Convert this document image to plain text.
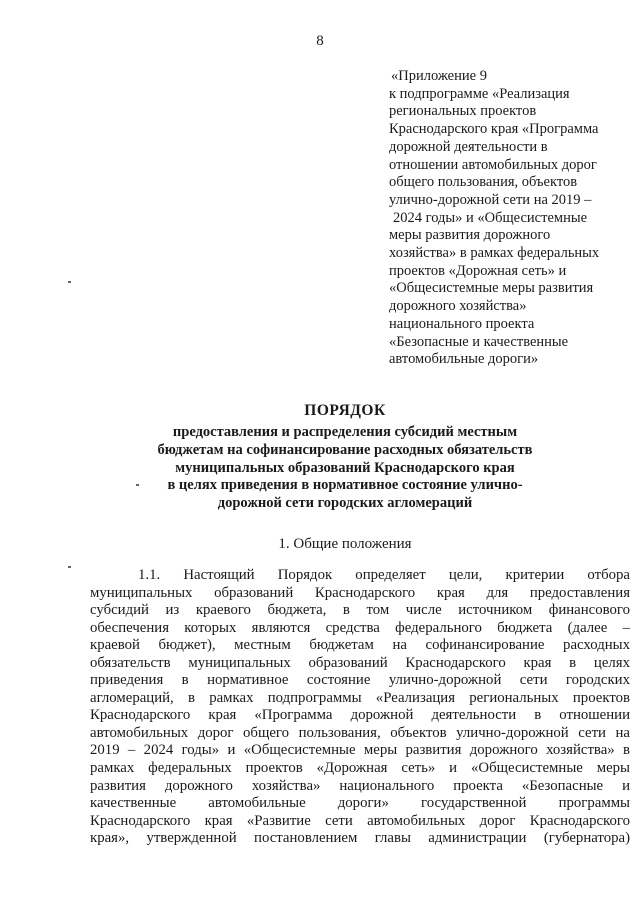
8
«Приложение 9
к подпрограмме «Реализация
региональных проектов
Краснодарского края «Программа
дорожной деятельности в
отношении автомобильных дорог
общего пользования, объектов
улично-дорожной сети на 2019 –
2024 годы» и «Общесистемные
меры развития дорожного
хозяйства» в рамках федеральных
проектов «Дорожная сеть» и
«Общесистемные меры развития
дорожного хозяйства»
национального проекта
«Безопасные и качественные
автомобильные дороги»
ПОРЯДОК
предоставления и распределения субсидий местным
бюджетам на софинансирование расходных обязательств
муниципальных образований Краснодарского края
в целях приведения в нормативное состояние улично-
дорожной сети городских агломераций
1. Общие положения
1.1. Настоящий Порядок определяет цели, критерии отбора
муниципальных образований Краснодарского края для предоставления
субсидий из краевого бюджета, в том числе источником финансового
обеспечения которых являются средства федерального бюджета (далее –
краевой бюджет), местным бюджетам на софинансирование расходных
обязательств муниципальных образований Краснодарского края в целях
приведения в нормативное состояние улично-дорожной сети городских
агломераций, в рамках подпрограммы «Реализация региональных проектов
Краснодарского края «Программа дорожной деятельности в отношении
автомобильных дорог общего пользования, объектов улично-дорожной сети на
2019 – 2024 годы» и «Общесистемные меры развития дорожного хозяйства» в
рамках федеральных проектов «Дорожная сеть» и «Общесистемные меры
развития дорожного хозяйства» национального проекта «Безопасные и
качественные автомобильные дороги» государственной программы
Краснодарского края «Развитие сети автомобильных дорог Краснодарского
края», утвержденной постановлением главы администрации (губернатора)
